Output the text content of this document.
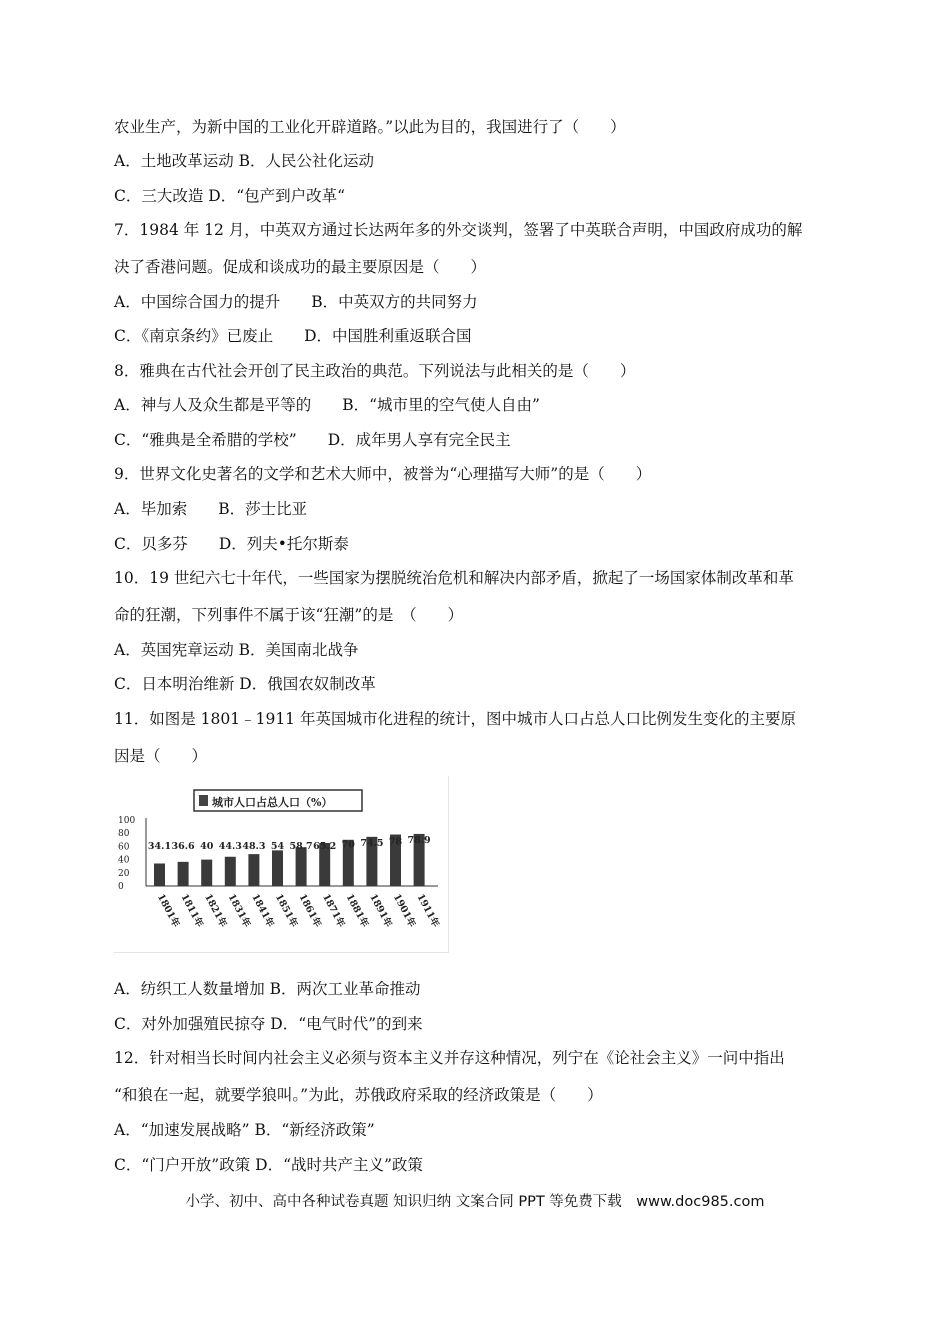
农业生产，为新中国的工业化开辟道路。”以此为目的，我国进行了（　　）
A．土地改革运动 B．人民公社化运动
C．三大改造 D．“包产到户改革“
7．1984 年 12 月，中英双方通过长达两年多的外交谈判，签署了中英联合声明，中国政府成功的解
决了香港问题。促成和谈成功的最主要原因是（　　）
A．中国综合国力的提升　　B．中英双方的共同努力
C．《南京条约》已废止　　D．中国胜利重返联合国
8．雅典在古代社会开创了民主政治的典范。下列说法与此相关的是（　　）
A．神与人及众生都是平等的　　B．“城市里的空气使人自由”
C．“雅典是全希腊的学校”　　D．成年男人享有完全民主
9．世界文化史著名的文学和艺术大师中，被誉为“心理描写大师”的是（　　）
A．毕加索　　B．莎士比亚
C．贝多芬　　D．列夫•托尔斯泰
10．19 世纪六七十年代，一些国家为摆脱统治危机和解决内部矛盾，掀起了一场国家体制改革和革
命的狂潮，下列事件不属于该“狂潮”的是　（　　）
A．英国宪章运动 B．美国南北战争
C．日本明治维新 D．俄国农奴制改革
11．如图是 1801﹣1911 年英国城市化进程的统计，图中城市人口占总人口比例发生变化的主要原
因是（　　）
城市人口占总人口（%）
100
80
60
40
20
0
34.1
1801年
36.6
1811年
40
1821年
44.3
1831年
48.3
1841年
54
1851年
58.7
1861年
65.2
1871年
70
1881年
74.5
1891年
78
1901年
78.9
1911年
A．纺织工人数量增加 B．两次工业革命推动
C．对外加强殖民掠夺 D．“电气时代”的到来
12．针对相当长时间内社会主义必须与资本主义并存这种情况，列宁在《论社会主义》一问中指出
“和狼在一起，就要学狼叫。”为此，苏俄政府采取的经济政策是（　　）
A．“加速发展战略” B．“新经济政策”
C．“门户开放”政策 D．“战时共产主义”政策
小学、初中、高中各种试卷真题 知识归纳 文案合同 PPT 等免费下载　www.doc985.com
